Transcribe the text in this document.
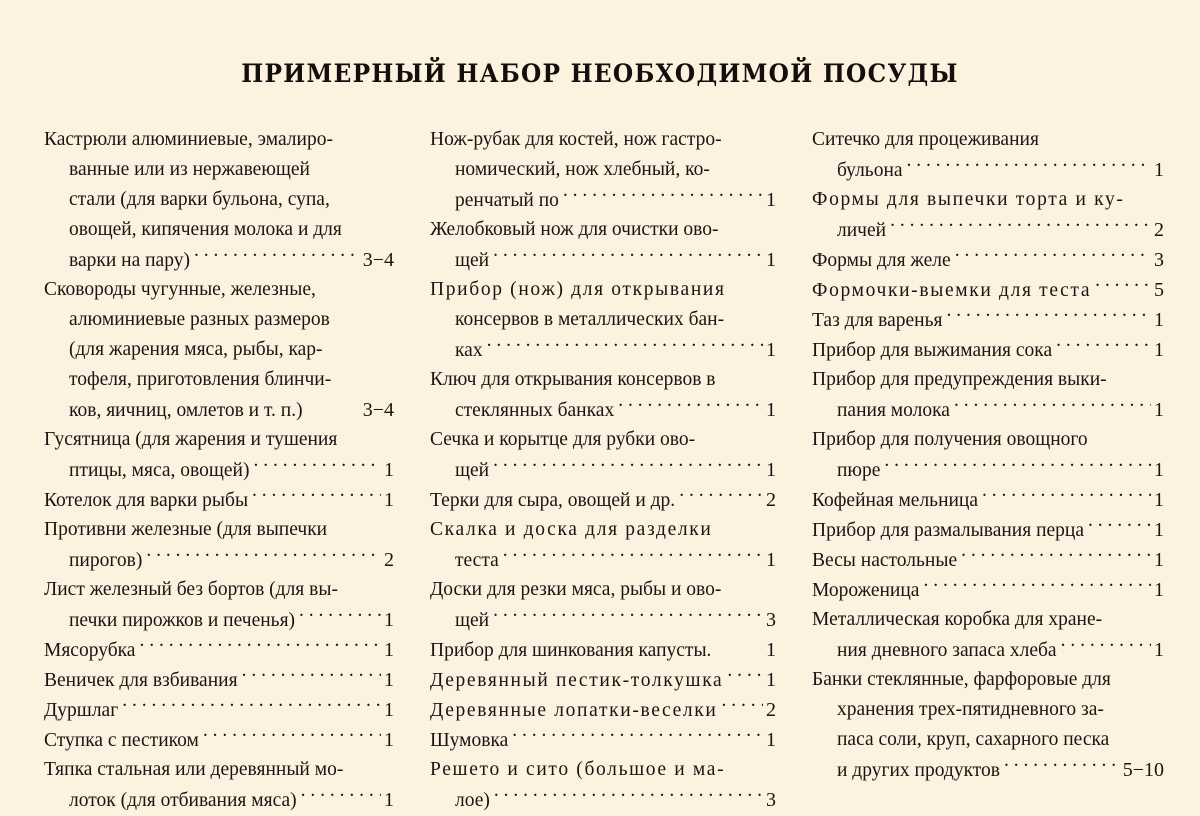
ПРИМЕРНЫЙ НАБОР НЕОБХОДИМОЙ ПОСУДЫ
Кастрюли алюминиевые, эмалиро-
ванные или из нержавеющей
стали (для варки бульона, супа,
овощей, кипячения молока и для
варки на пару) . . .	3−4
Сковороды чугунные, железные,
алюминиевые разных размеров
(для жарения мяса, рыбы, кар-
тофеля, приготовления блинчи-
ков, яичниц, омлетов и т. п.)	3−4
Гусятница (для жарения и тушения
птицы, мяса, овощей) . . .	1
Котелок для варки рыбы . . .	1
Противни железные (для выпечки
пирогов) . . .	2
Лист железный без бортов (для вы-
печки пирожков и печенья) . . .	1
Мясорубка . . .	1
Веничек для взбивания . . .	1
Дуршлаг . . .	1
Ступка с пестиком . . .	1
Тяпка стальная или деревянный мо-
лоток (для отбивания мяса) . . .	1
Нож-рубак для костей, нож гастро-
номический, нож хлебный, ко-
ренчатый по . . .	1
Желобковый нож для очистки ово-
щей . . .	1
Прибор (нож) для открывания
консервов в металлических бан-
ках . . .	1
Ключ для открывания консервов в
стеклянных банках . . .	1
Сечка и корытце для рубки ово-
щей . . .	1
Терки для сыра, овощей и др. . . .	2
Скалка и доска для разделки
теста . . .	1
Доски для резки мяса, рыбы и ово-
щей . . .	3
Прибор для шинкования капусты.	1
Деревянный пестик-толкушка . . . 1
Деревянные лопатки-веселки . . . 2
Шумовка . . .	1
Решето и сито (большое и ма-
лое) . . .	3
Ситечко для процеживания
бульона . . .	1
Формы для выпечки торта и ку-
личей . . .	2
Формы для желе . . .	3
Формочки-выемки для теста . . .	5
Таз для варенья . . .	1
Прибор для выжимания сока . . .	1
Прибор для предупреждения выки-
пания молока . . .	1
Прибор для получения овощного
пюре . . .	1
Кофейная мельница . . .	1
Прибор для размалывания перца . . .	1
Весы настольные . . .	1
Мороженица . . .	1
Металлическая коробка для хране-
ния дневного запаса хлеба . . .	1
Банки стеклянные, фарфоровые для
хранения трех-пятидневного за-
паса соли, круп, сахарного песка
и других продуктов . . .	5−10
